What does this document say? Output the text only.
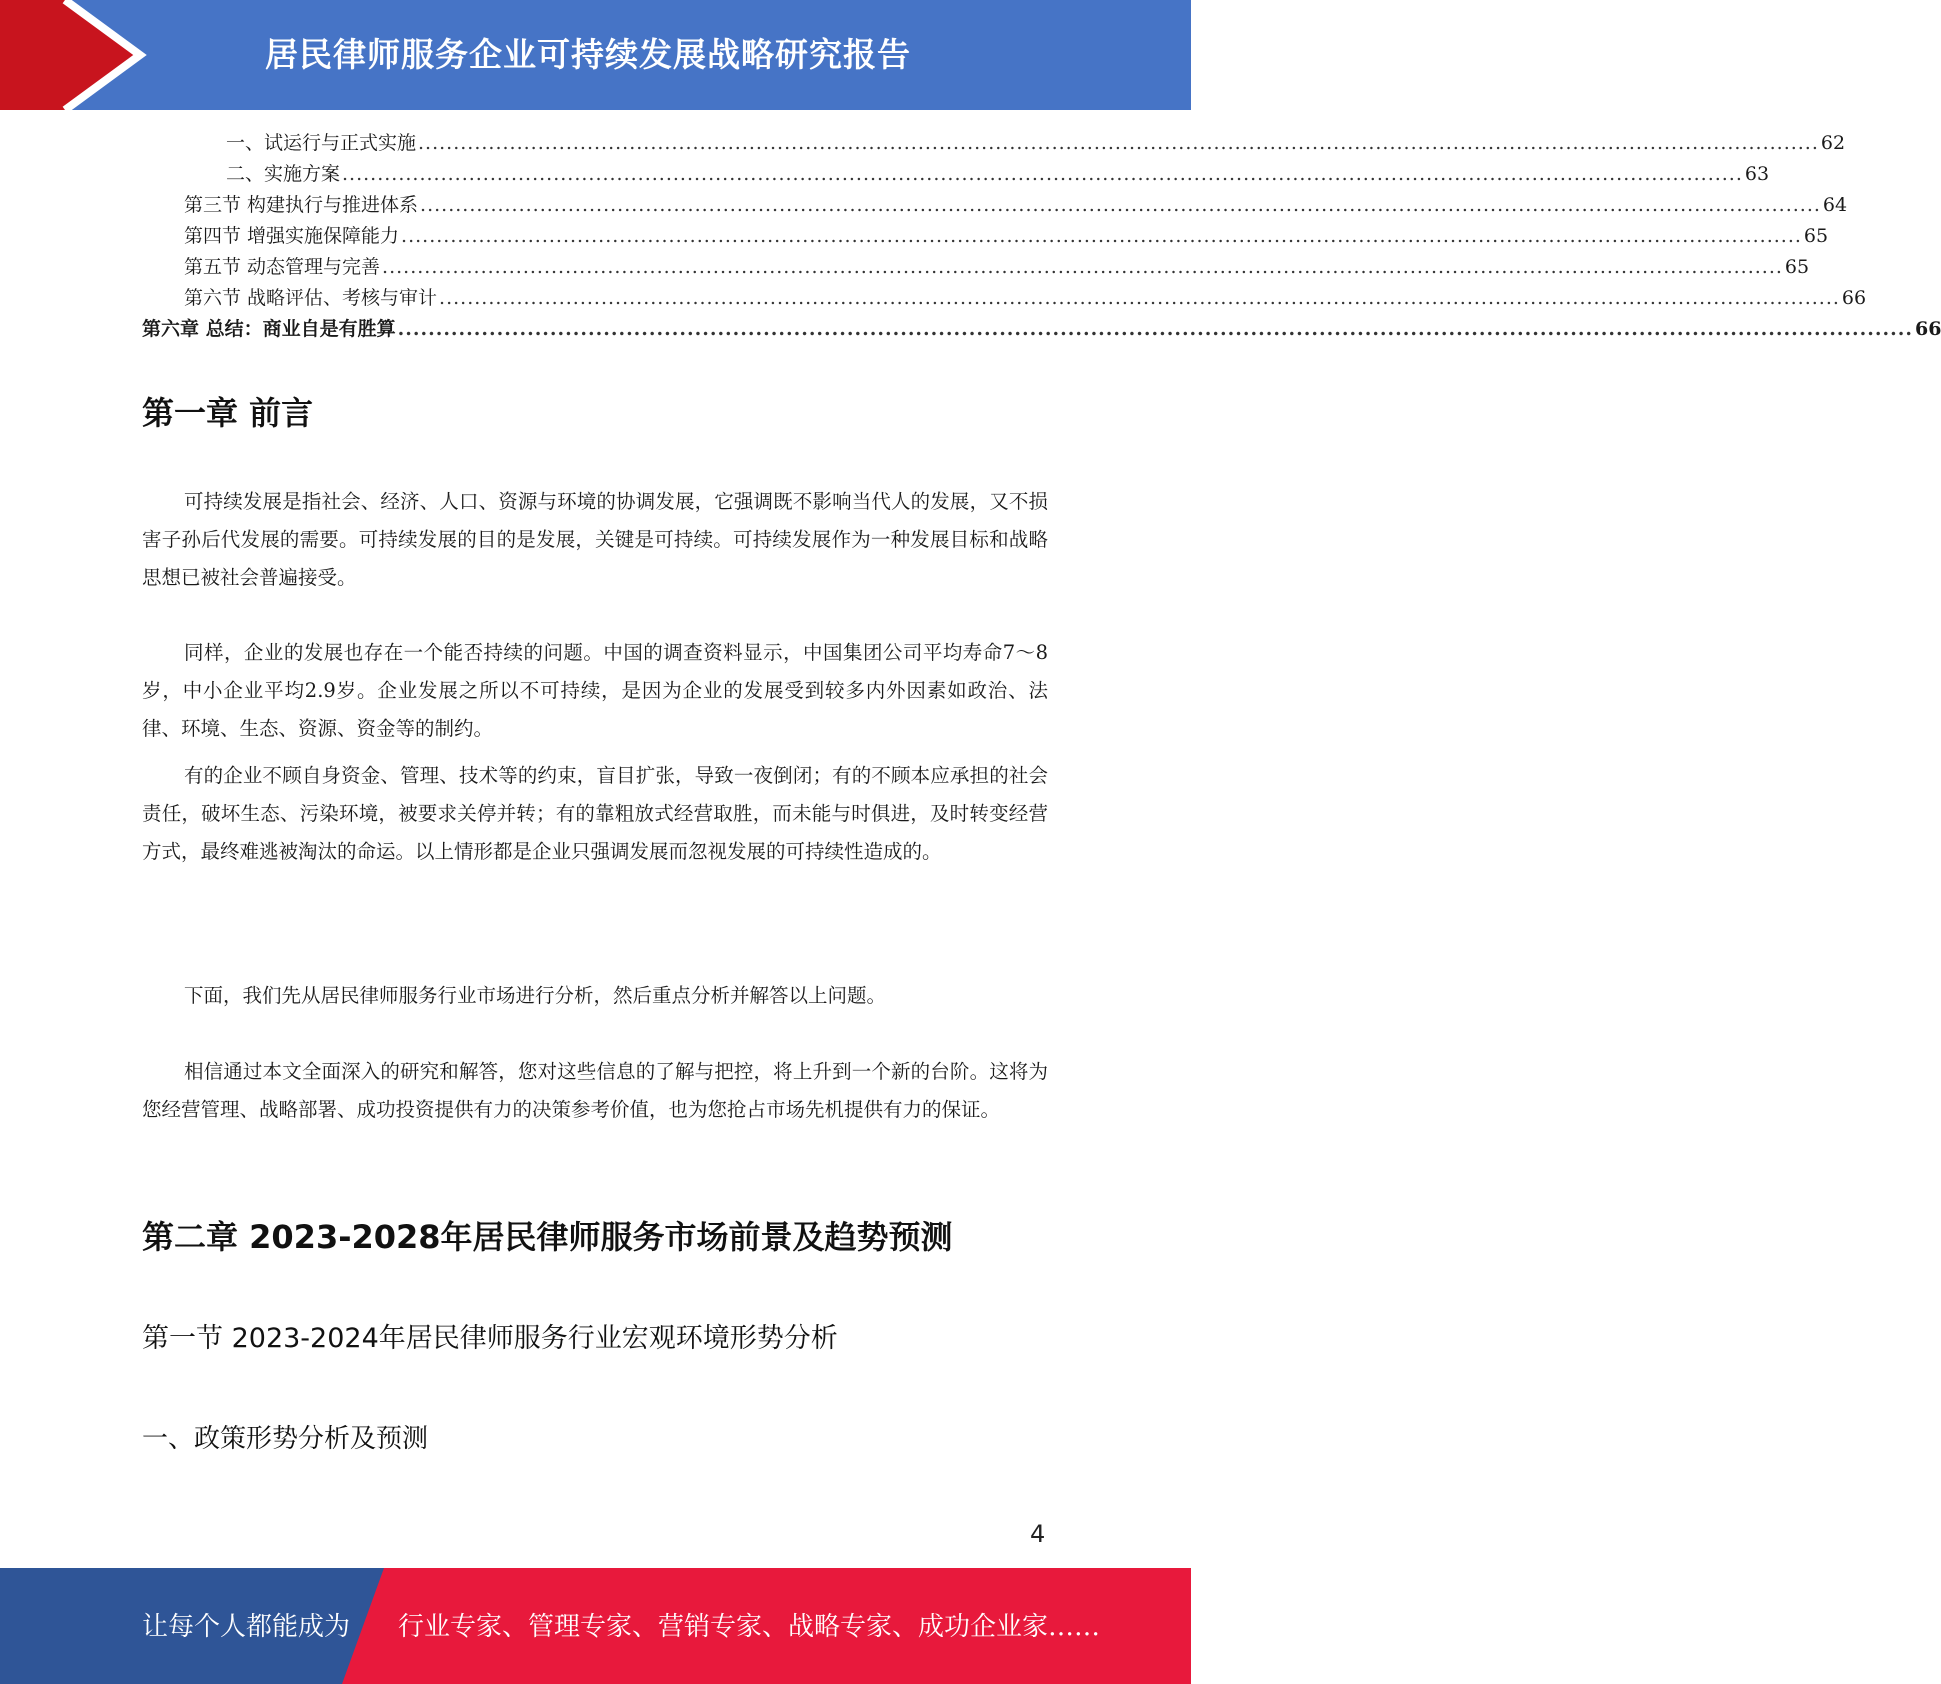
居民律师服务企业可持续发展战略研究报告
一、试运行与正式实施 ....................................................................................................................................................................................................... 62
二、实施方案 ....................................................................................................................................................................................................... 63
第三节 构建执行与推进体系 ....................................................................................................................................................................................................... 64
第四节 增强实施保障能力 ....................................................................................................................................................................................................... 65
第五节 动态管理与完善 ....................................................................................................................................................................................................... 65
第六节 战略评估、考核与审计 ....................................................................................................................................................................................................... 66
第六章 总结：商业自是有胜算 ....................................................................................................................................................................................................... 66
第一章 前言

可持续发展是指社会、经济、人口、资源与环境的协调发展，它强调既不影响当代人的发展，又不损害子孙后代发展的需要。可持续发展的目的是发展，关键是可持续。可持续发展作为一种发展目标和战略思想已被社会普遍接受。

同样，企业的发展也存在一个能否持续的问题。中国的调查资料显示，中国集团公司平均寿命7～8岁，中小企业平均2.9岁。企业发展之所以不可持续，是因为企业的发展受到较多内外因素如政治、法律、环境、生态、资源、资金等的制约。

有的企业不顾自身资金、管理、技术等的约束，盲目扩张，导致一夜倒闭；有的不顾本应承担的社会责任，破坏生态、污染环境，被要求关停并转；有的靠粗放式经营取胜，而未能与时俱进，及时转变经营方式，最终难逃被淘汰的命运。以上情形都是企业只强调发展而忽视发展的可持续性造成的。

下面，我们先从居民律师服务行业市场进行分析，然后重点分析并解答以上问题。

相信通过本文全面深入的研究和解答，您对这些信息的了解与把控，将上升到一个新的台阶。这将为您经营管理、战略部署、成功投资提供有力的决策参考价值，也为您抢占市场先机提供有力的保证。

第二章 2023-2028年居民律师服务市场前景及趋势预测
第一节 2023-2024年居民律师服务行业宏观环境形势分析
一、政策形势分析及预测
4
让每个人都能成为 行业专家、管理专家、营销专家、战略专家、成功企业家……
